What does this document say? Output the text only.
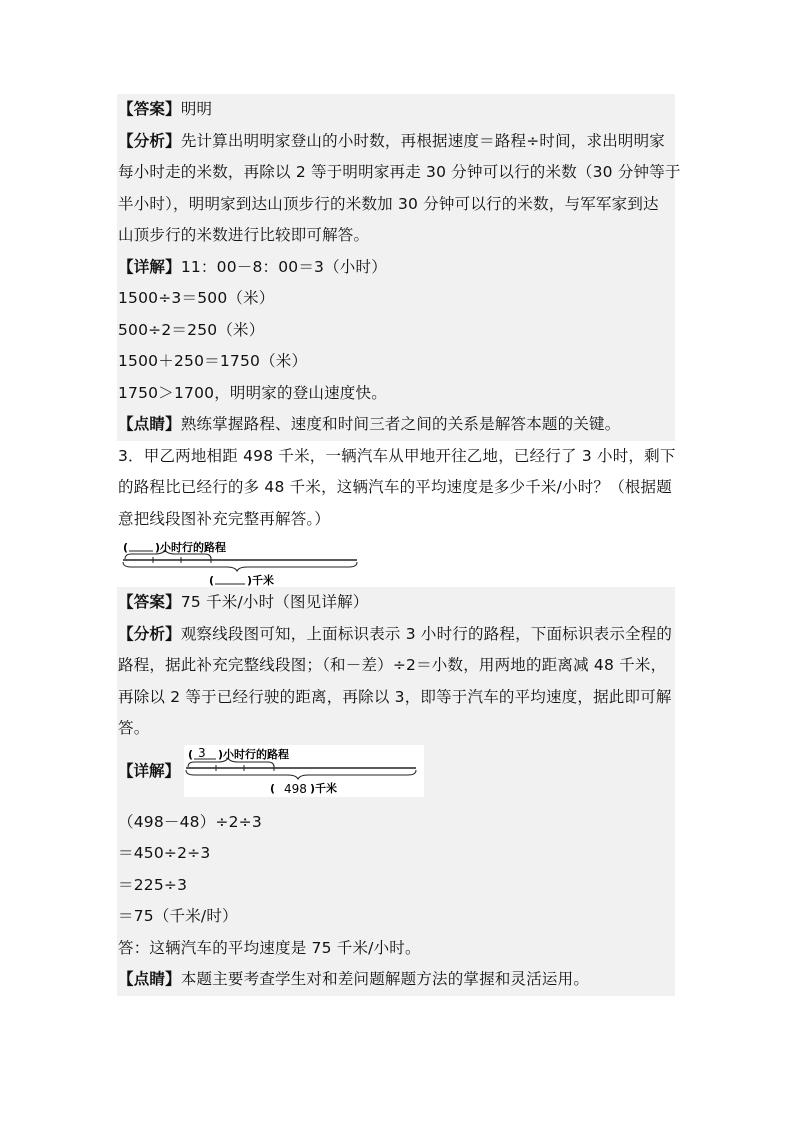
【答案】明明
【分析】先计算出明明家登山的小时数，再根据速度＝路程÷时间，求出明明家
每小时走的米数，再除以 2 等于明明家再走 30 分钟可以行的米数（30 分钟等于
半小时），明明家到达山顶步行的米数加 30 分钟可以行的米数，与军军家到达
山顶步行的米数进行比较即可解答。
【详解】11：00－8：00＝3（小时）
1500÷3＝500（米）
500÷2＝250（米）
1500＋250＝1750（米）
1750＞1700，明明家的登山速度快。
【点睛】熟练掌握路程、速度和时间三者之间的关系是解答本题的关键。
3．甲乙两地相距 498 千米，一辆汽车从甲地开往乙地，已经行了 3 小时，剩下
的路程比已经行的多 48 千米，这辆汽车的平均速度是多少千米/小时？（根据题
意把线段图补充完整再解答。）
( )小时行的路程
(	)千米
【答案】75 千米/小时（图见详解）
【分析】观察线段图可知，上面标识表示 3 小时行的路程，下面标识表示全程的
路程，据此补充完整线段图；（和－差）÷2＝小数，用两地的距离减 48 千米，
再除以 2 等于已经行驶的距离，再除以 3，即等于汽车的平均速度，据此即可解
答。
【详解】
( 3 )小时行的路程
( 498 )千米
（498－48）÷2÷3
＝450÷2÷3
＝225÷3
＝75（千米/时）
答：这辆汽车的平均速度是 75 千米/小时。
【点睛】本题主要考查学生对和差问题解题方法的掌握和灵活运用。
